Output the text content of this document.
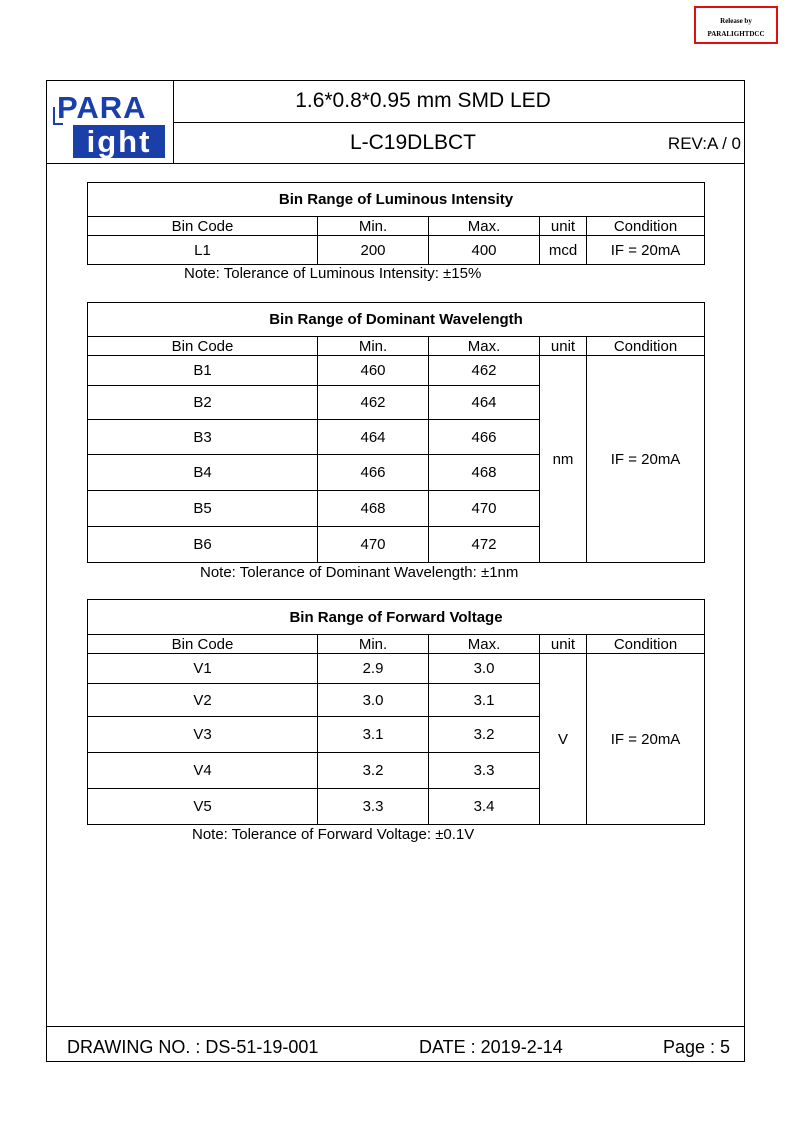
Release by
PARALIGHTDCC
PARA
ight
1.6*0.8*0.95 mm SMD LED
L-C19DLBCT	REV:A / 0
DRAWING NO. : DS-51-19-001	DATE : 2019-2-14	Page : 5
Bin Range of Luminous Intensity				
Bin Code	Min.	Max.	unit	Condition
L1	200	400	mcd	IF = 20mA
Note: Tolerance of Luminous Intensity: ±15%
Bin Range of Dominant Wavelength				
Bin Code	Min.	Max.	unit	Condition
B1	460	462	nm	IF = 20mA
B2	462	464		
B3	464	466		
B4	466	468		
B5	468	470		
B6	470	472		
Note: Tolerance of Dominant Wavelength: ±1nm
Bin Range of Forward Voltage				
Bin Code	Min.	Max.	unit	Condition
V1	2.9	3.0	V	IF = 20mA
V2	3.0	3.1		
V3	3.1	3.2		
V4	3.2	3.3		
V5	3.3	3.4		
Note: Tolerance of Forward Voltage: ±0.1V
